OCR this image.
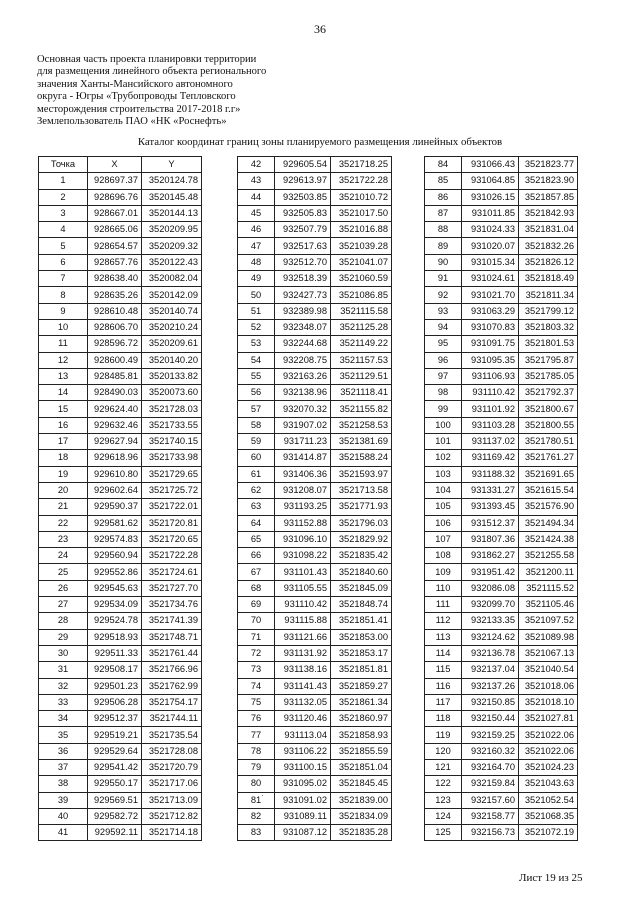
36
Основная часть проекта планировки территории
для размещения линейного объекта регионального
значения Ханты-Мансийского автономного
округа - Югры «Трубопроводы Тепловского
месторождения строительства 2017-2018 г.г»
Землепользователь ПАО «НК «Роснефть»
Каталог координат границ зоны планируемого размещения линейных объектов
Точка	X	Y
1	928697.37	3520124.78
2	928696.76	3520145.48
3	928667.01	3520144.13
4	928665.06	3520209.95
5	928654.57	3520209.32
6	928657.76	3520122.43
7	928638.40	3520082.04
8	928635.26	3520142.09
9	928610.48	3520140.74
10	928606.70	3520210.24
11	928596.72	3520209.61
12	928600.49	3520140.20
13	928485.81	3520133.82
14	928490.03	3520073.60
15	929624.40	3521728.03
16	929632.46	3521733.55
17	929627.94	3521740.15
18	929618.96	3521733.98
19	929610.80	3521729.65
20	929602.64	3521725.72
21	929590.37	3521722.01
22	929581.62	3521720.81
23	929574.83	3521720.65
24	929560.94	3521722.28
25	929552.86	3521724.61
26	929545.63	3521727.70
27	929534.09	3521734.76
28	929524.78	3521741.39
29	929518.93	3521748.71
30	929511.33	3521761.44
31	929508.17	3521766.96
32	929501.23	3521762.99
33	929506.28	3521754.17
34	929512.37	3521744.11
35	929519.21	3521735.54
36	929529.64	3521728.08
37	929541.42	3521720.79
38	929550.17	3521717.06
39	929569.51	3521713.09
40	929582.72	3521712.82
41	929592.11	3521714.18
42	929605.54	3521718.25
43	929613.97	3521722.28
44	932503.85	3521010.72
45	932505.83	3521017.50
46	932507.79	3521016.88
47	932517.63	3521039.28
48	932512.70	3521041.07
49	932518.39	3521060.59
50	932427.73	3521086.85
51	932389.98	3521115.58
52	932348.07	3521125.28
53	932244.68	3521149.22
54	932208.75	3521157.53
55	932163.26	3521129.51
56	932138.96	3521118.41
57	932070.32	3521155.82
58	931907.02	3521258.53
59	931711.23	3521381.69
60	931414.87	3521588.24
61	931406.36	3521593.97
62	931208.07	3521713.58
63	931193.25	3521771.93
64	931152.88	3521796.03
65	931096.10	3521829.92
66	931098.22	3521835.42
67	931101.43	3521840.60
68	931105.55	3521845.09
69	931110.42	3521848.74
70	931115.88	3521851.41
71	931121.66	3521853.00
72	931131.92	3521853.17
73	931138.16	3521851.81
74	931141.43	3521859.27
75	931132.05	3521861.34
76	931120.46	3521860.97
77	931113.04	3521858.93
78	931106.22	3521855.59
79	931100.15	3521851.04
80	931095.02	3521845.45
81	931091.02	3521839.00
82	931089.11	3521834.09
83	931087.12	3521835.28
84	931066.43	3521823.77
85	931064.85	3521823.90
86	931026.15	3521857.85
87	931011.85	3521842.93
88	931024.33	3521831.04
89	931020.07	3521832.26
90	931015.34	3521826.12
91	931024.61	3521818.49
92	931021.70	3521811.34
93	931063.29	3521799.12
94	931070.83	3521803.32
95	931091.75	3521801.53
96	931095.35	3521795.87
97	931106.93	3521785.05
98	931110.42	3521792.37
99	931101.92	3521800.67
100	931103.28	3521800.55
101	931137.02	3521780.51
102	931169.42	3521761.27
103	931188.32	3521691.65
104	931331.27	3521615.54
105	931393.45	3521576.90
106	931512.37	3521494.34
107	931807.36	3521424.38
108	931862.27	3521255.58
109	931951.42	3521200.11
110	932086.08	3521115.52
111	932099.70	3521105.46
112	932133.35	3521097.52
113	932124.62	3521089.98
114	932136.78	3521067.13
115	932137.04	3521040.54
116	932137.26	3521018.06
117	932150.85	3521018.10
118	932150.44	3521027.81
119	932159.25	3521022.06
120	932160.32	3521022.06
121	932164.70	3521024.23
122	932159.84	3521043.63
123	932157.60	3521052.54
124	932158.77	3521068.35
125	932156.73	3521072.19
Лист 19 из 25
